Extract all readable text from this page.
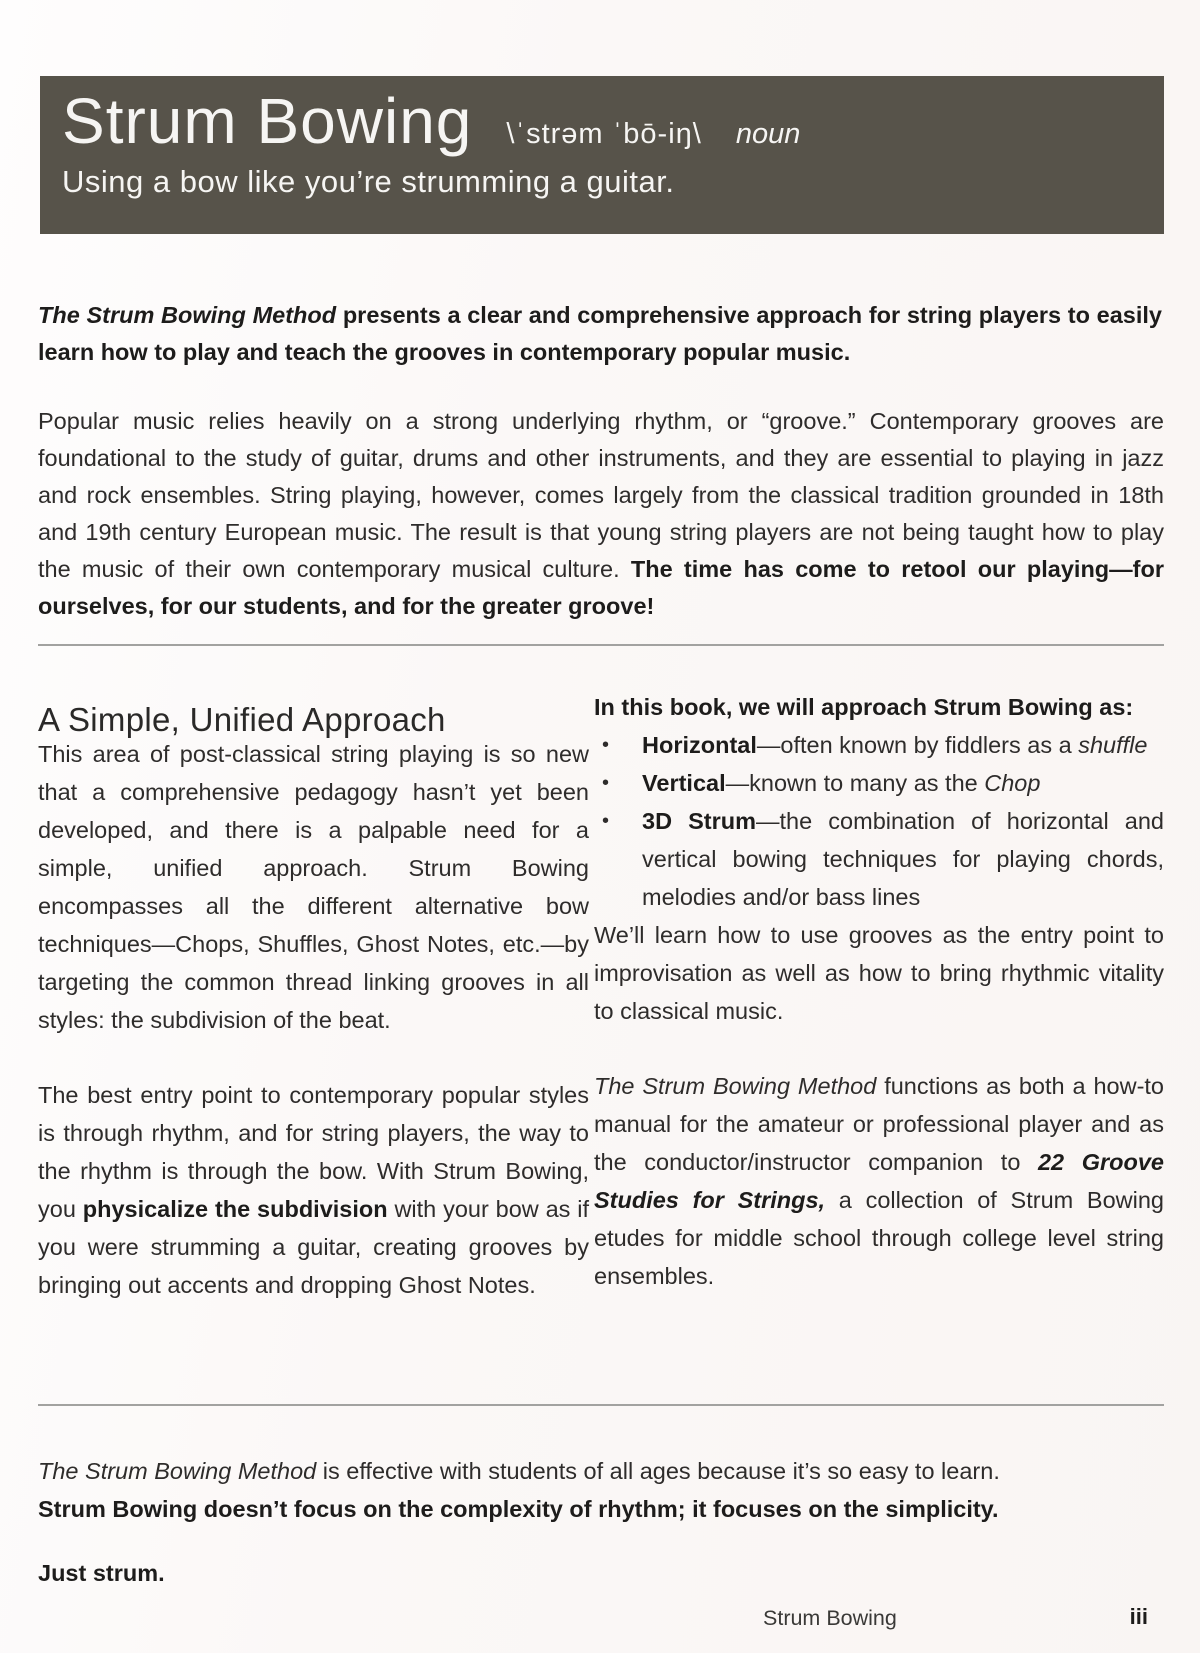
Strum Bowing \ˈstrəm ˈbō-iŋ\ noun
Using a bow like you’re strumming a guitar.

The Strum Bowing Method presents a clear and comprehensive approach for string players to easily learn how to play and teach the grooves in contemporary popular music.

Popular music relies heavily on a strong underlying rhythm, or “groove.” Contemporary grooves are foundational to the study of guitar, drums and other instruments, and they are essential to playing in jazz and rock ensembles. String playing, however, comes largely from the classical tradition grounded in 18th and 19th century European music. The result is that young string players are not being taught how to play the music of their own contemporary musical culture. The time has come to retool our playing—for ourselves, for our students, and for the greater groove!

A Simple, Unified Approach

This area of post-classical string playing is so new that a comprehensive pedagogy hasn’t yet been developed, and there is a palpable need for a simple, unified approach. Strum Bowing encompasses all the different alternative bow techniques—Chops, Shuffles, Ghost Notes, etc.—by targeting the common thread linking grooves in all styles: the subdivision of the beat.

The best entry point to contemporary popular styles is through rhythm, and for string players, the way to the rhythm is through the bow. With Strum Bowing, you physicalize the subdivision with your bow as if you were strumming a guitar, creating grooves by bringing out accents and dropping Ghost Notes.

In this book, we will approach Strum Bowing as:

•	Horizontal—often known by fiddlers as a shuffle
•	Vertical—known to many as the Chop
•	3D Strum—the combination of horizontal and vertical bowing techniques for playing chords, melodies and/or bass lines

We’ll learn how to use grooves as the entry point to improvisation as well as how to bring rhythmic vitality to classical music.

The Strum Bowing Method functions as both a how-to manual for the amateur or professional player and as the conductor/instructor companion to 22 Groove Studies for Strings, a collection of Strum Bowing etudes for middle school through college level string ensembles.

The Strum Bowing Method is effective with students of all ages because it’s so easy to learn.
Strum Bowing doesn’t focus on the complexity of rhythm; it focuses on the simplicity.
Just strum.
Strum Bowing	iii
